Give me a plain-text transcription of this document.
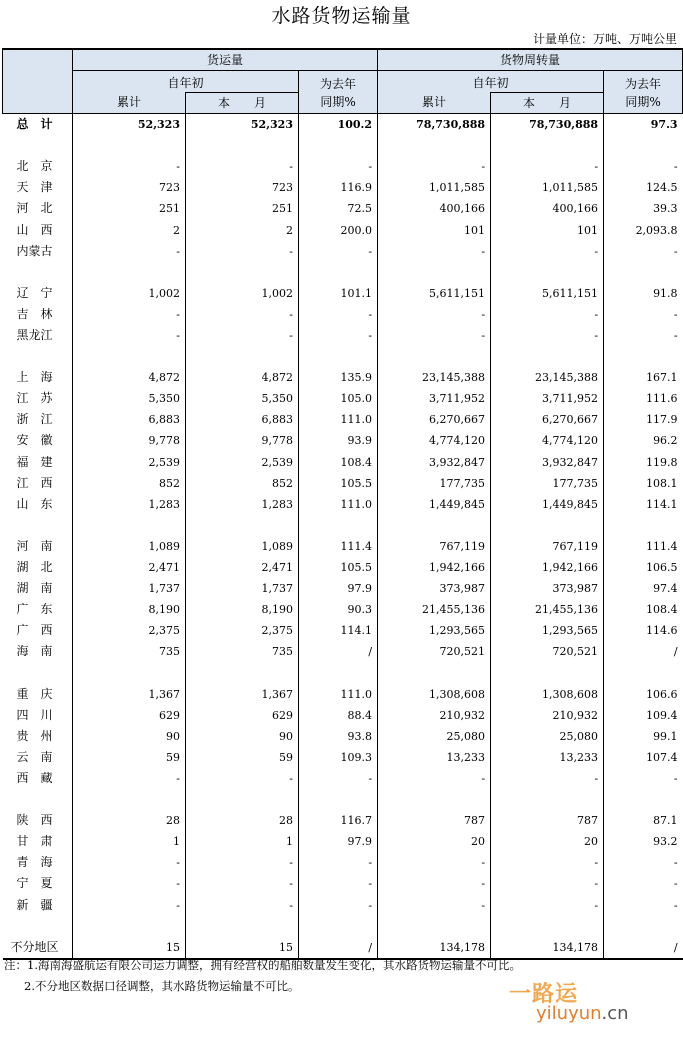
水路货物运输量
计量单位：万吨、万吨公里
	货运量			货物周转量		
	自年初		为去年	自年初		为去年
	累计	本　　月	同期%	累计	本　　月	同期%
总　计	52,323	52,323	100.2	78,730,888	78,730,888	97.3

北　京	-	-	-	-	-	-
天　津	723	723	116.9	1,011,585	1,011,585	124.5
河　北	251	251	72.5	400,166	400,166	39.3
山　西	2	2	200.0	101	101	2,093.8
内蒙古	-	-	-	-	-	-

辽　宁	1,002	1,002	101.1	5,611,151	5,611,151	91.8
吉　林	-	-	-	-	-	-
黑龙江	-	-	-	-	-	-

上　海	4,872	4,872	135.9	23,145,388	23,145,388	167.1
江　苏	5,350	5,350	105.0	3,711,952	3,711,952	111.6
浙　江	6,883	6,883	111.0	6,270,667	6,270,667	117.9
安　徽	9,778	9,778	93.9	4,774,120	4,774,120	96.2
福　建	2,539	2,539	108.4	3,932,847	3,932,847	119.8
江　西	852	852	105.5	177,735	177,735	108.1
山　东	1,283	1,283	111.0	1,449,845	1,449,845	114.1

河　南	1,089	1,089	111.4	767,119	767,119	111.4
湖　北	2,471	2,471	105.5	1,942,166	1,942,166	106.5
湖　南	1,737	1,737	97.9	373,987	373,987	97.4
广　东	8,190	8,190	90.3	21,455,136	21,455,136	108.4
广　西	2,375	2,375	114.1	1,293,565	1,293,565	114.6
海　南	735	735	/	720,521	720,521	/

重　庆	1,367	1,367	111.0	1,308,608	1,308,608	106.6
四　川	629	629	88.4	210,932	210,932	109.4
贵　州	90	90	93.8	25,080	25,080	99.1
云　南	59	59	109.3	13,233	13,233	107.4
西　藏	-	-	-	-	-	-

陕　西	28	28	116.7	787	787	87.1
甘　肃	1	1	97.9	20	20	93.2
青　海	-	-	-	-	-	-
宁　夏	-	-	-	-	-	-
新　疆	-	-	-	-	-	-

不分地区	15	15	/	134,178	134,178	/
注：1.海南海盛航运有限公司运力调整，拥有经营权的船舶数量发生变化，其水路货物运输量不可比。
2.不分地区数据口径调整，其水路货物运输量不可比。	一路运
yiluyun.cn
